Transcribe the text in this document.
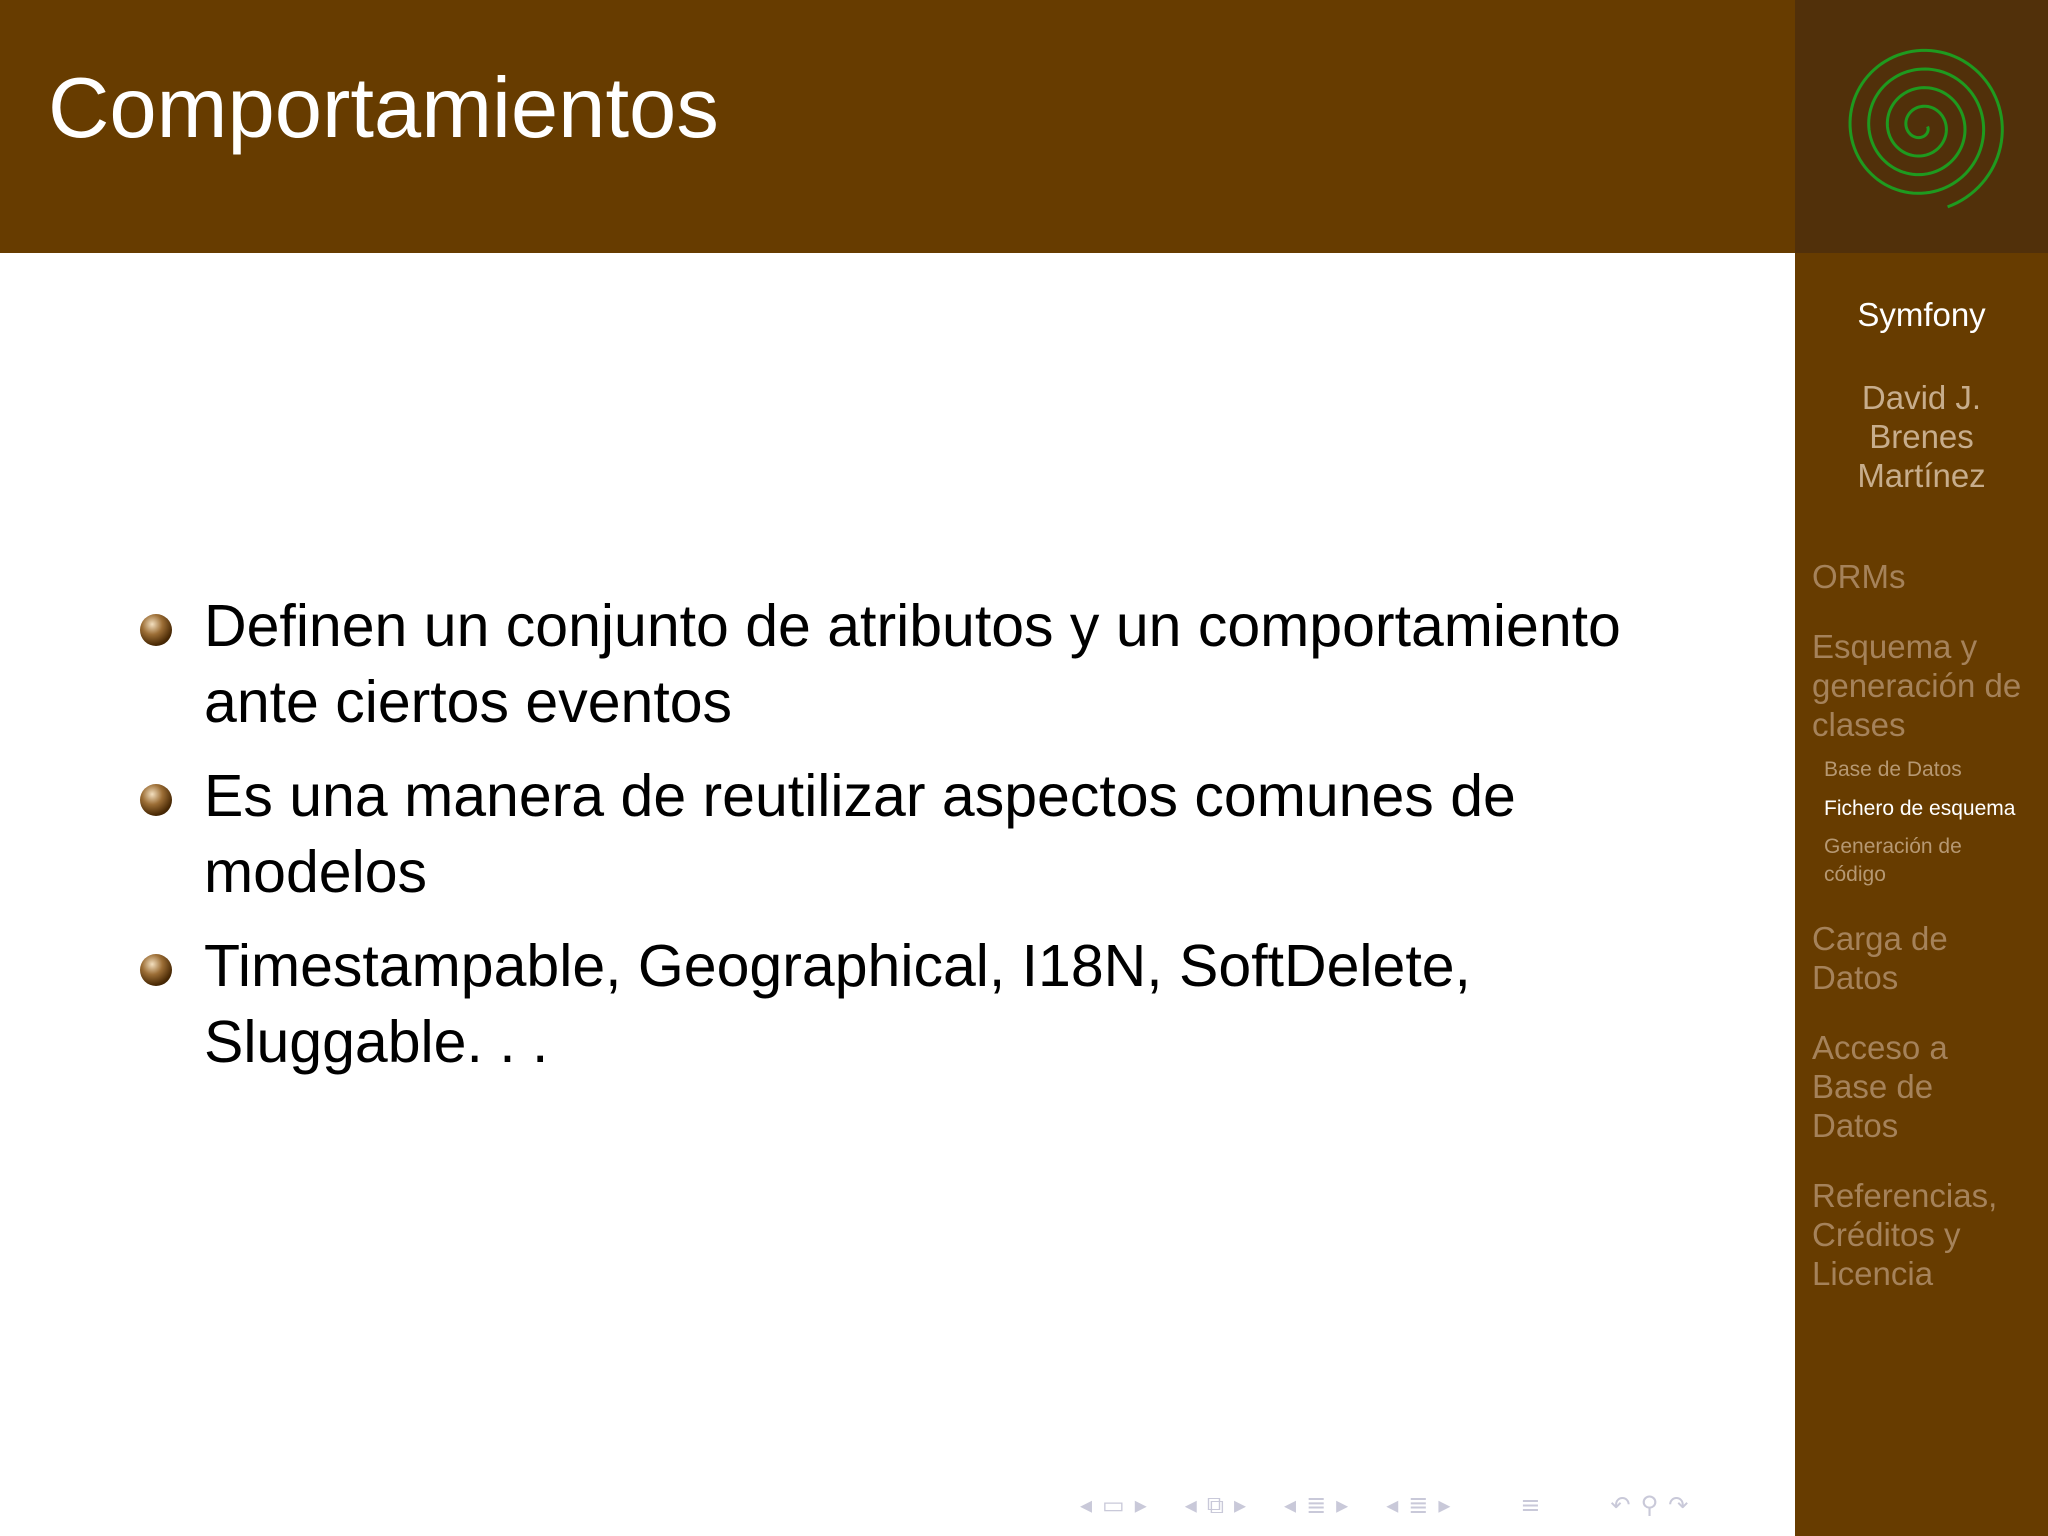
Comportamientos
Definen un conjunto de atributos y un comportamiento
ante ciertos eventos
Es una manera de reutilizar aspectos comunes de
modelos
Timestampable, Geographical, I18N, SoftDelete,
Sluggable. . .
Symfony
David J.
Brenes
Martínez
ORMs
Esquema y
generación de
clases
Base de Datos
Fichero de esquema
Generación de
código
Carga de
Datos
Acceso a
Base de
Datos
Referencias,
Créditos y
Licencia
◂ ▭ ▸ ◂ ⧉ ▸ ◂ ≣ ▸ ◂ ≣ ▸	≡	↶ ⚲ ↷
